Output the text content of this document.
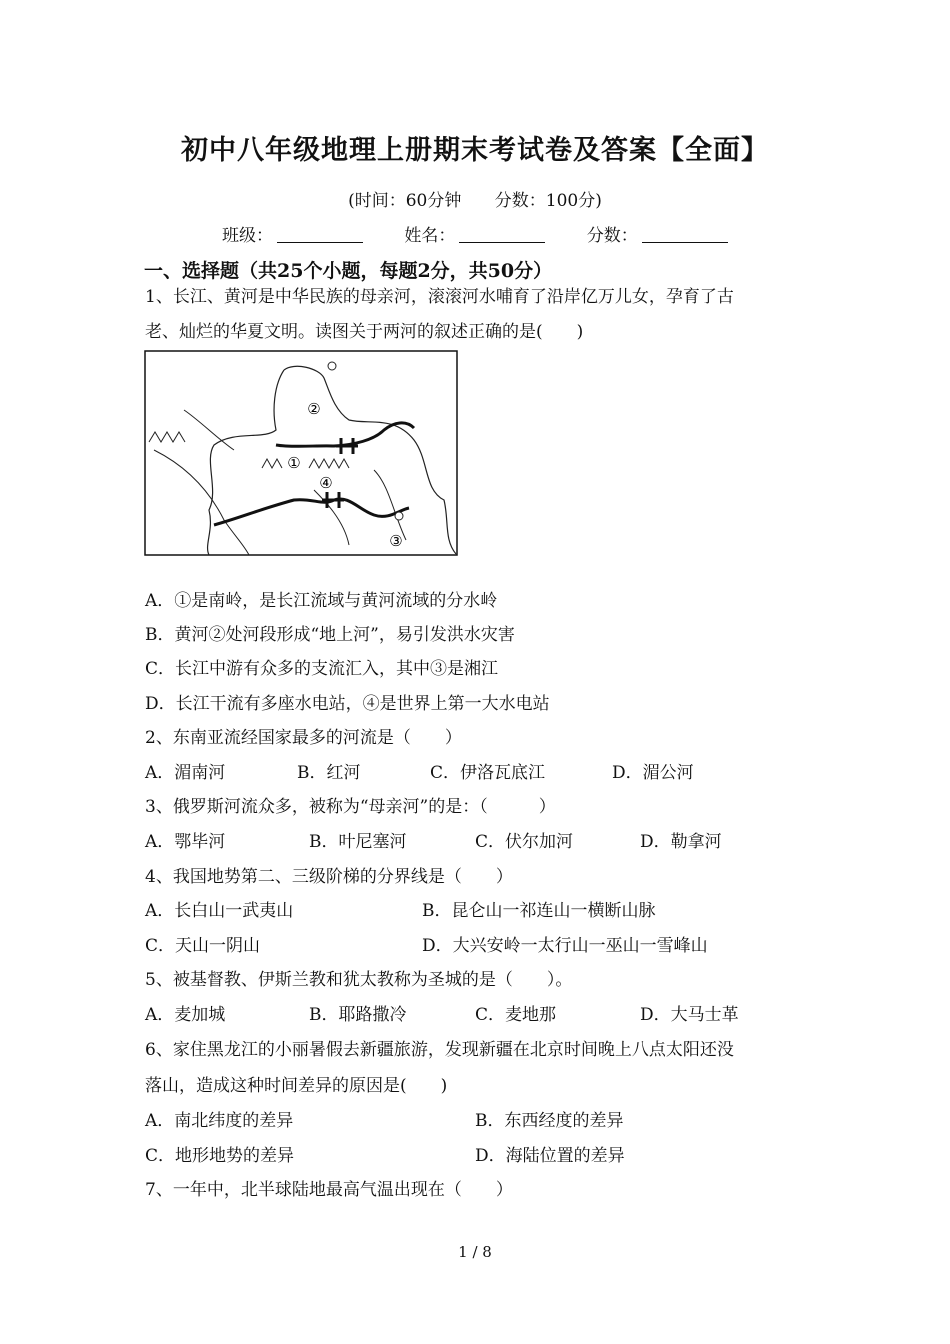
初中八年级地理上册期末考试卷及答案【全面】
(时间：60分钟 分数：100分)
班级：	姓名：	分数：
一、选择题（共25个小题，每题2分，共50分）
1、长江、黄河是中华民族的母亲河，滚滚河水哺育了沿岸亿万儿女，孕育了古
老、灿烂的华夏文明。读图关于两河的叙述正确的是(　　)
②
①
④
③
A．①是南岭，是长江流域与黄河流域的分水岭
B．黄河②处河段形成“地上河”，易引发洪水灾害
C．长江中游有众多的支流汇入，其中③是湘江
D．长江干流有多座水电站，④是世界上第一大水电站
2、东南亚流经国家最多的河流是（　　）
A．湄南河	B．红河	C．伊洛瓦底江	D．湄公河
3、俄罗斯河流众多，被称为“母亲河”的是：（　　　）
A．鄂毕河	B．叶尼塞河	C．伏尔加河	D．勒拿河
4、我国地势第二、三级阶梯的分界线是（　　）
A．长白山一武夷山	B．昆仑山一祁连山一横断山脉
C．天山一阴山	D．大兴安岭一太行山一巫山一雪峰山
5、被基督教、伊斯兰教和犹太教称为圣城的是（　　）。
A．麦加城	B．耶路撒冷	C．麦地那	D．大马士革
6、家住黑龙江的小丽暑假去新疆旅游，发现新疆在北京时间晚上八点太阳还没
落山，造成这种时间差异的原因是(　　)
A．南北纬度的差异	B．东西经度的差异
C．地形地势的差异	D．海陆位置的差异
7、一年中，北半球陆地最高气温出现在（　　）
1 / 8
